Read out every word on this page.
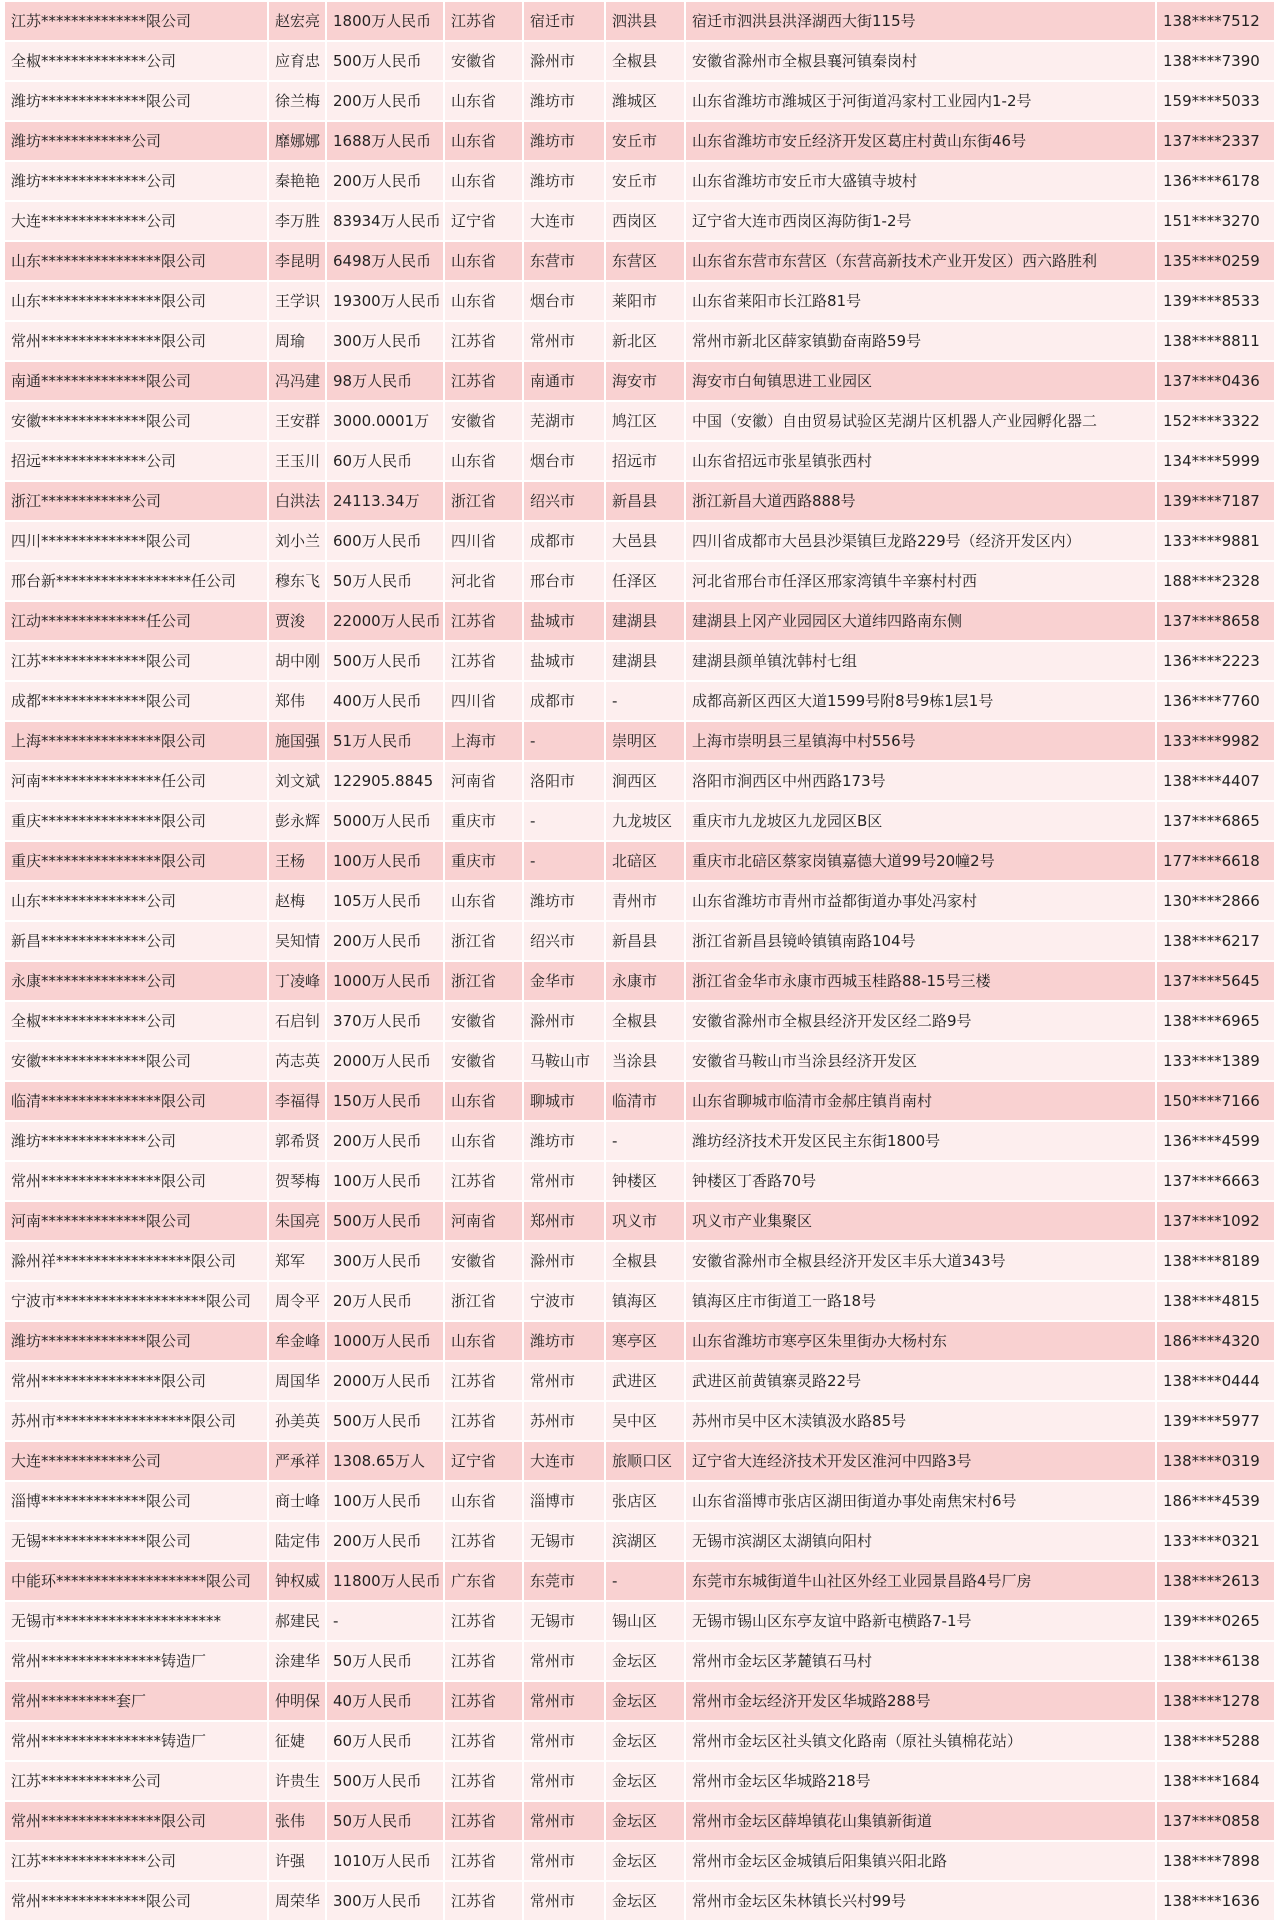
江苏**************限公司	赵宏亮	1800万人民币	江苏省	宿迁市	泗洪县	宿迁市泗洪县洪泽湖西大街115号	138****7512
全椒**************公司	应育忠	500万人民币	安徽省	滁州市	全椒县	安徽省滁州市全椒县襄河镇秦岗村	138****7390
潍坊**************限公司	徐兰梅	200万人民币	山东省	潍坊市	潍城区	山东省潍坊市潍城区于河街道冯家村工业园内1-2号	159****5033
潍坊************公司	靡娜娜	1688万人民币	山东省	潍坊市	安丘市	山东省潍坊市安丘经济开发区葛庄村黄山东街46号	137****2337
潍坊**************公司	秦艳艳	200万人民币	山东省	潍坊市	安丘市	山东省潍坊市安丘市大盛镇寺坡村	136****6178
大连**************公司	李万胜	83934万人民币	辽宁省	大连市	西岗区	辽宁省大连市西岗区海防街1-2号	151****3270
山东****************限公司	李昆明	6498万人民币	山东省	东营市	东营区	山东省东营市东营区（东营高新技术产业开发区）西六路胜利	135****0259
山东****************限公司	王学识	19300万人民币	山东省	烟台市	莱阳市	山东省莱阳市长江路81号	139****8533
常州****************限公司	周瑜	300万人民币	江苏省	常州市	新北区	常州市新北区薛家镇勤奋南路59号	138****8811
南通**************限公司	冯冯建	98万人民币	江苏省	南通市	海安市	海安市白甸镇思进工业园区	137****0436
安徽**************限公司	王安群	3000.0001万	安徽省	芜湖市	鸠江区	中国（安徽）自由贸易试验区芜湖片区机器人产业园孵化器二	152****3322
招远**************公司	王玉川	60万人民币	山东省	烟台市	招远市	山东省招远市张星镇张西村	134****5999
浙江************公司	白洪法	24113.34万	浙江省	绍兴市	新昌县	浙江新昌大道西路888号	139****7187
四川**************限公司	刘小兰	600万人民币	四川省	成都市	大邑县	四川省成都市大邑县沙渠镇巨龙路229号（经济开发区内）	133****9881
邢台新******************任公司	穆东飞	50万人民币	河北省	邢台市	任泽区	河北省邢台市任泽区邢家湾镇牛辛寨村村西	188****2328
江动**************任公司	贾浚	22000万人民币	江苏省	盐城市	建湖县	建湖县上冈产业园园区大道纬四路南东侧	137****8658
江苏**************限公司	胡中刚	500万人民币	江苏省	盐城市	建湖县	建湖县颜单镇沈韩村七组	136****2223
成都**************限公司	郑伟	400万人民币	四川省	成都市	-	成都高新区西区大道1599号附8号9栋1层1号	136****7760
上海****************限公司	施国强	51万人民币	上海市	-	崇明区	上海市崇明县三星镇海中村556号	133****9982
河南****************任公司	刘文斌	122905.8845	河南省	洛阳市	涧西区	洛阳市涧西区中州西路173号	138****4407
重庆****************限公司	彭永辉	5000万人民币	重庆市	-	九龙坡区	重庆市九龙坡区九龙园区B区	137****6865
重庆****************限公司	王杨	100万人民币	重庆市	-	北碚区	重庆市北碚区蔡家岗镇嘉德大道99号20幢2号	177****6618
山东**************公司	赵梅	105万人民币	山东省	潍坊市	青州市	山东省潍坊市青州市益都街道办事处冯家村	130****2866
新昌**************公司	吴知情	200万人民币	浙江省	绍兴市	新昌县	浙江省新昌县镜岭镇镇南路104号	138****6217
永康**************公司	丁凌峰	1000万人民币	浙江省	金华市	永康市	浙江省金华市永康市西城玉桂路88-15号三楼	137****5645
全椒**************公司	石启钊	370万人民币	安徽省	滁州市	全椒县	安徽省滁州市全椒县经济开发区经二路9号	138****6965
安徽**************限公司	芮志英	2000万人民币	安徽省	马鞍山市	当涂县	安徽省马鞍山市当涂县经济开发区	133****1389
临清****************限公司	李福得	150万人民币	山东省	聊城市	临清市	山东省聊城市临清市金郝庄镇肖南村	150****7166
潍坊**************公司	郭希贤	200万人民币	山东省	潍坊市	-	潍坊经济技术开发区民主东街1800号	136****4599
常州****************限公司	贺琴梅	100万人民币	江苏省	常州市	钟楼区	钟楼区丁香路70号	137****6663
河南**************限公司	朱国亮	500万人民币	河南省	郑州市	巩义市	巩义市产业集聚区	137****1092
滁州祥******************限公司	郑军	300万人民币	安徽省	滁州市	全椒县	安徽省滁州市全椒县经济开发区丰乐大道343号	138****8189
宁波市********************限公司	周令平	20万人民币	浙江省	宁波市	镇海区	镇海区庄市街道工一路18号	138****4815
潍坊**************限公司	牟金峰	1000万人民币	山东省	潍坊市	寒亭区	山东省潍坊市寒亭区朱里街办大杨村东	186****4320
常州****************限公司	周国华	2000万人民币	江苏省	常州市	武进区	武进区前黄镇寨灵路22号	138****0444
苏州市******************限公司	孙美英	500万人民币	江苏省	苏州市	吴中区	苏州市吴中区木渎镇汲水路85号	139****5977
大连************公司	严承祥	1308.65万人	辽宁省	大连市	旅顺口区	辽宁省大连经济技术开发区淮河中四路3号	138****0319
淄博**************限公司	商士峰	100万人民币	山东省	淄博市	张店区	山东省淄博市张店区湖田街道办事处南焦宋村6号	186****4539
无锡**************限公司	陆定伟	200万人民币	江苏省	无锡市	滨湖区	无锡市滨湖区太湖镇向阳村	133****0321
中能环********************限公司	钟权威	11800万人民币	广东省	东莞市	-	东莞市东城街道牛山社区外经工业园景昌路4号厂房	138****2613
无锡市**********************	郝建民	-	江苏省	无锡市	锡山区	无锡市锡山区东亭友谊中路新屯横路7-1号	139****0265
常州****************铸造厂	涂建华	50万人民币	江苏省	常州市	金坛区	常州市金坛区茅麓镇石马村	138****6138
常州**********套厂	仲明保	40万人民币	江苏省	常州市	金坛区	常州市金坛经济开发区华城路288号	138****1278
常州****************铸造厂	征婕	60万人民币	江苏省	常州市	金坛区	常州市金坛区社头镇文化路南（原社头镇棉花站）	138****5288
江苏************公司	许贵生	500万人民币	江苏省	常州市	金坛区	常州市金坛区华城路218号	138****1684
常州****************限公司	张伟	50万人民币	江苏省	常州市	金坛区	常州市金坛区薛埠镇花山集镇新街道	137****0858
江苏**************公司	许强	1010万人民币	江苏省	常州市	金坛区	常州市金坛区金城镇后阳集镇兴阳北路	138****7898
常州**************限公司	周荣华	300万人民币	江苏省	常州市	金坛区	常州市金坛区朱林镇长兴村99号	138****1636
